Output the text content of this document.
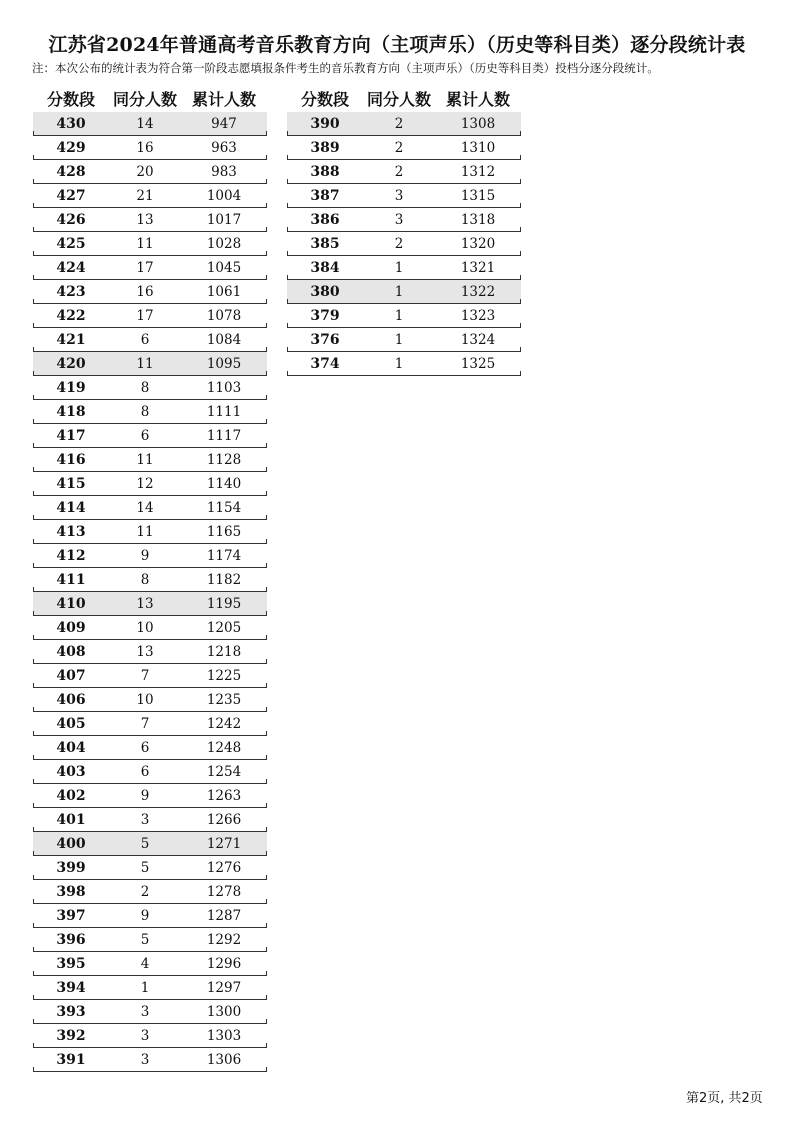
江苏省2024年普通高考音乐教育方向（主项声乐）（历史等科目类）逐分段统计表
注：本次公布的统计表为符合第一阶段志愿填报条件考生的音乐教育方向（主项声乐）（历史等科目类）投档分逐分段统计。
分数段	同分人数 累计人数
430	14	947
429	16	963
428	20	983
427	21	1004
426	13	1017
425	11	1028
424	17	1045
423	16	1061
422	17	1078
421	6	1084
420	11	1095
419	8	1103
418	8	1111
417	6	1117
416	11	1128
415	12	1140
414	14	1154
413	11	1165
412	9	1174
411	8	1182
410	13	1195
409	10	1205
408	13	1218
407	7	1225
406	10	1235
405	7	1242
404	6	1248
403	6	1254
402	9	1263
401	3	1266
400	5	1271
399	5	1276
398	2	1278
397	9	1287
396	5	1292
395	4	1296
394	1	1297
393	3	1300
392	3	1303
391	3	1306
分数段	同分人数 累计人数
390	2	1308
389	2	1310
388	2	1312
387	3	1315
386	3	1318
385	2	1320
384	1	1321
380	1	1322
379	1	1323
376	1	1324
374	1	1325
第2页, 共2页
